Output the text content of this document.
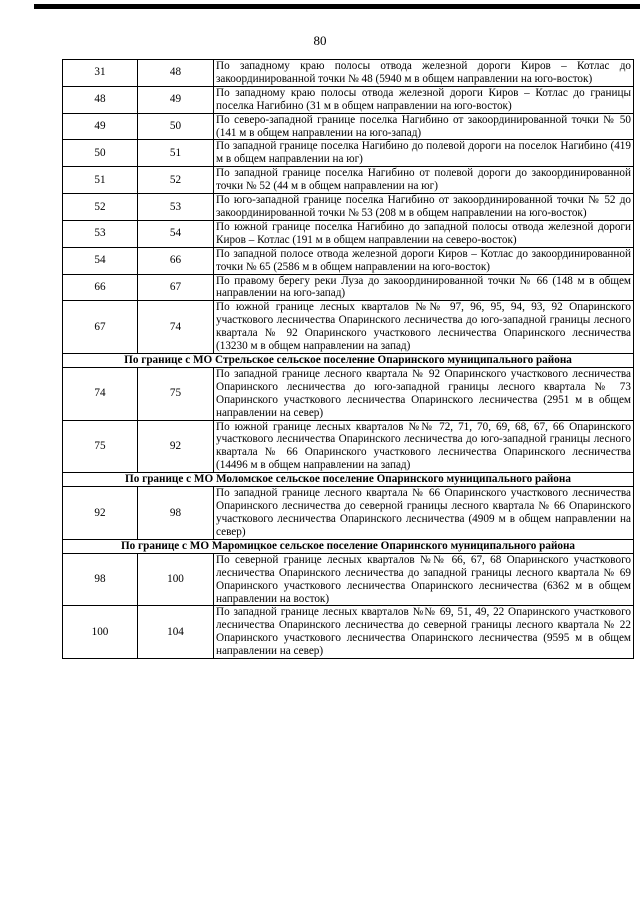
80
31	48	По западному краю полосы отвода железной дороги Киров – Котлас до закоординированной точки № 48 (5940 м в общем направлении на юго-восток)
48	49	По западному краю полосы отвода железной дороги Киров – Котлас до границы поселка Нагибино (31 м в общем направлении на юго-восток)
49	50	По северо-западной границе поселка Нагибино от закоординированной точки № 50 (141 м в общем направлении на юго-запад)
50	51	По западной границе поселка Нагибино до полевой дороги на поселок Нагибино (419 м в общем направлении на юг)
51	52	По западной границе поселка Нагибино от полевой дороги до закоординированной точки № 52 (44 м в общем направлении на юг)
52	53	По юго-западной границе поселка Нагибино от закоординированной точки № 52 до закоординированной точки № 53 (208 м в общем направлении на юго-восток)
53	54	По южной границе поселка Нагибино до западной полосы отвода железной дороги Киров – Котлас (191 м в общем направлении на северо-восток)
54	66	По западной полосе отвода железной дороги Киров – Котлас до закоординированной точки № 65 (2586 м в общем направлении на юго-восток)
66	67	По правому берегу реки Луза до закоординированной точки № 66 (148 м в общем направлении на юго-запад)
67	74	По южной границе лесных кварталов №№ 97, 96, 95, 94, 93, 92 Опаринского участкового лесничества Опаринского лесничества до юго-западной границы лесного квартала № 92 Опаринского участкового лесничества Опаринского лесничества (13230 м в общем направлении на запад)
По границе с МО Стрельское сельское поселение Опаринского муниципального района		
74	75	По западной границе лесного квартала № 92 Опаринского участкового лесничества Опаринского лесничества до юго-западной границы лесного квартала № 73 Опаринского участкового лесничества Опаринского лесничества (2951 м в общем направлении на север)
75	92	По южной границе лесных кварталов №№ 72, 71, 70, 69, 68, 67, 66 Опаринского участкового лесничества Опаринского лесничества до юго-западной границы лесного квартала № 66 Опаринского участкового лесничества Опаринского лесничества (14496 м в общем направлении на запад)
По границе с МО Моломское сельское поселение Опаринского муниципального района		
92	98	По западной границе лесного квартала № 66 Опаринского участкового лесничества Опаринского лесничества до северной границы лесного квартала № 66 Опаринского участкового лесничества Опаринского лесничества (4909 м в общем направлении на север)
По границе с МО Маромицкое сельское поселение Опаринского муниципального района		
98	100	По северной границе лесных кварталов №№ 66, 67, 68 Опаринского участкового лесничества Опаринского лесничества до западной границы лесного квартала № 69 Опаринского участкового лесничества Опаринского лесничества (6362 м в общем направлении на восток)
100	104	По западной границе лесных кварталов №№ 69, 51, 49, 22 Опаринского участкового лесничества Опаринского лесничества до северной границы лесного квартала № 22 Опаринского участкового лесничества Опаринского лесничества (9595 м в общем направлении на север)
